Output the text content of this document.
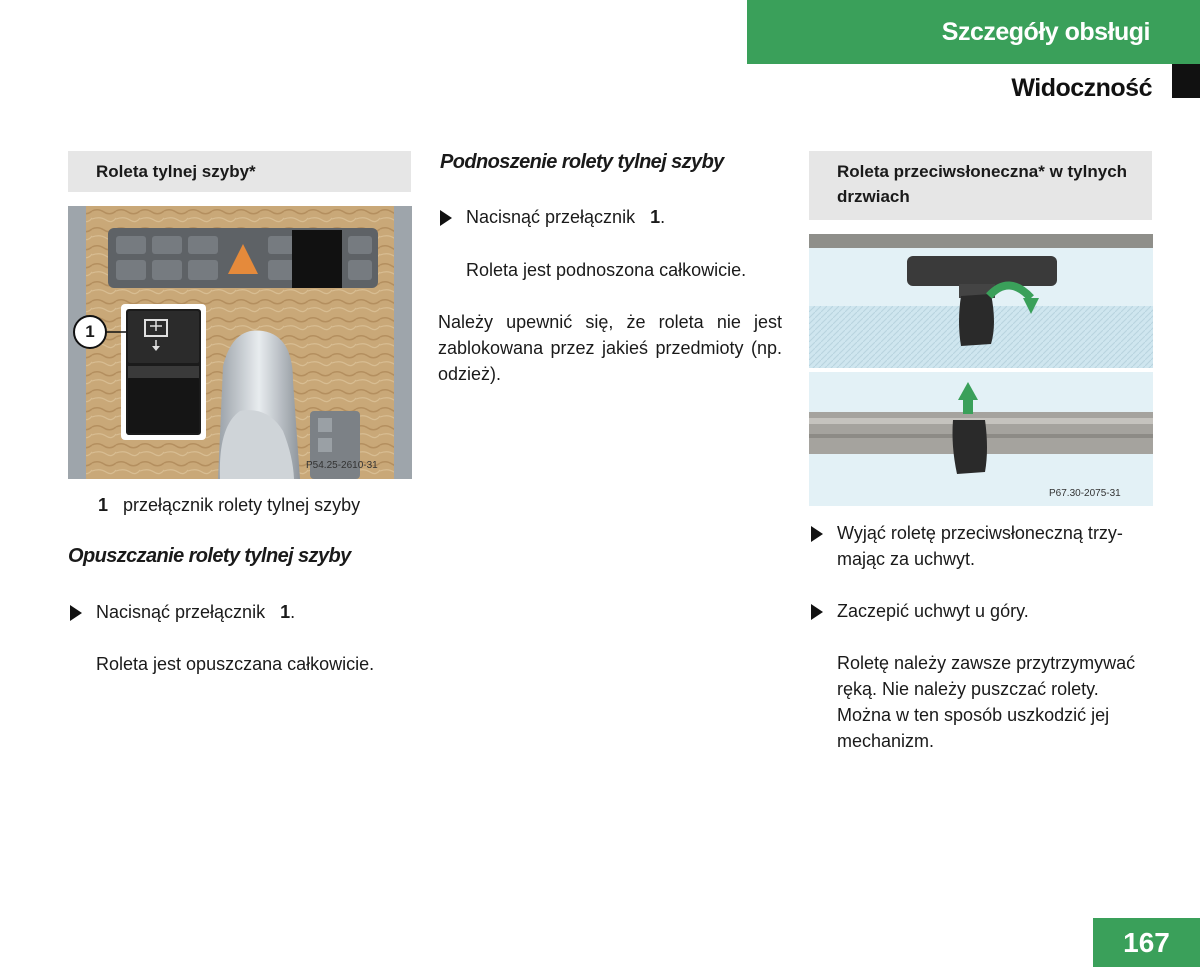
Szczegóły obsługi
Widoczność
Roleta tylnej szyby*
1
P54.25-2610-31
1 przełącznik rolety tylnej szyby
Opuszczanie rolety tylnej szyby
Nacisnąć przełącznik 1.
Roleta jest opuszczana całkowicie.
Podnoszenie rolety tylnej szyby
Nacisnąć przełącznik 1.
Roleta jest podnoszona całkowicie.
Należy upewnić się, że roleta nie jest zablokowana przez jakieś przedmioty (np. odzież).
Roleta przeciwsłoneczna* w tylnych drzwiach
P67.30-2075-31
Wyjąć roletę przeciwsłoneczną trzy-mając za uchwyt.
Zaczepić uchwyt u góry.
Roletę należy zawsze przytrzymywać ręką. Nie należy puszczać rolety. Można w ten sposób uszkodzić jej mechanizm.
167
